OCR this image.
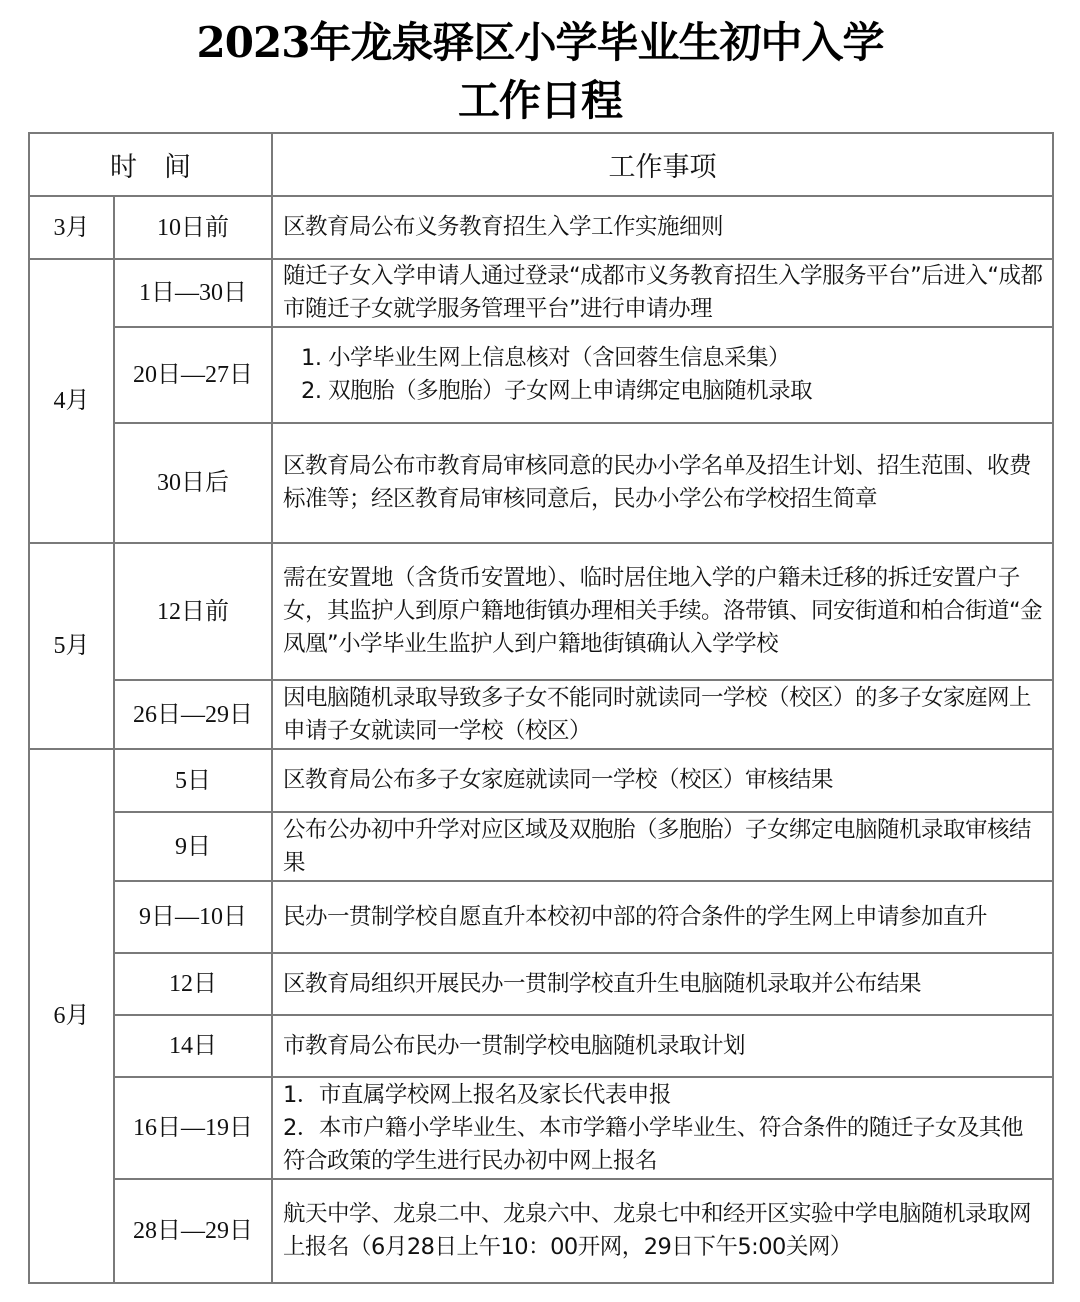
2023年龙泉驿区小学毕业生初中入学
工作日程
时　间		工作事项
3月	10日前	区教育局公布义务教育招生入学工作实施细则

4月	1日—30日	随迁子女入学申请人通过登录“成都市义务教育招生入学服务平台”后进入“成都市随迁子女就学服务管理平台”进行申请办理

	20日—27日	1. 小学毕业生网上信息核对（含回蓉生信息采集）
2. 双胞胎（多胞胎）子女网上申请绑定电脑随机录取

	30日后	区教育局公布市教育局审核同意的民办小学名单及招生计划、招生范围、收费标准等；经区教育局审核同意后，民办小学公布学校招生简章

5月	12日前	需在安置地（含货币安置地）、临时居住地入学的户籍未迁移的拆迁安置户子女，其监护人到原户籍地街镇办理相关手续。洛带镇、同安街道和柏合街道“金凤凰”小学毕业生监护人到户籍地街镇确认入学学校

	26日—29日	因电脑随机录取导致多子女不能同时就读同一学校（校区）的多子女家庭网上申请子女就读同一学校（校区）

6月	5日	区教育局公布多子女家庭就读同一学校（校区）审核结果

	9日	公布公办初中升学对应区域及双胞胎（多胞胎）子女绑定电脑随机录取审核结果

	9日—10日	民办一贯制学校自愿直升本校初中部的符合条件的学生网上申请参加直升

	12日	区教育局组织开展民办一贯制学校直升生电脑随机录取并公布结果

	14日	市教育局公布民办一贯制学校电脑随机录取计划

	16日—19日	1．市直属学校网上报名及家长代表申报
2．本市户籍小学毕业生、本市学籍小学毕业生、符合条件的随迁子女及其他符合政策的学生进行民办初中网上报名

	28日—29日	航天中学、龙泉二中、龙泉六中、龙泉七中和经开区实验中学电脑随机录取网上报名（6月28日上午10：00开网，29日下午5:00关网）
